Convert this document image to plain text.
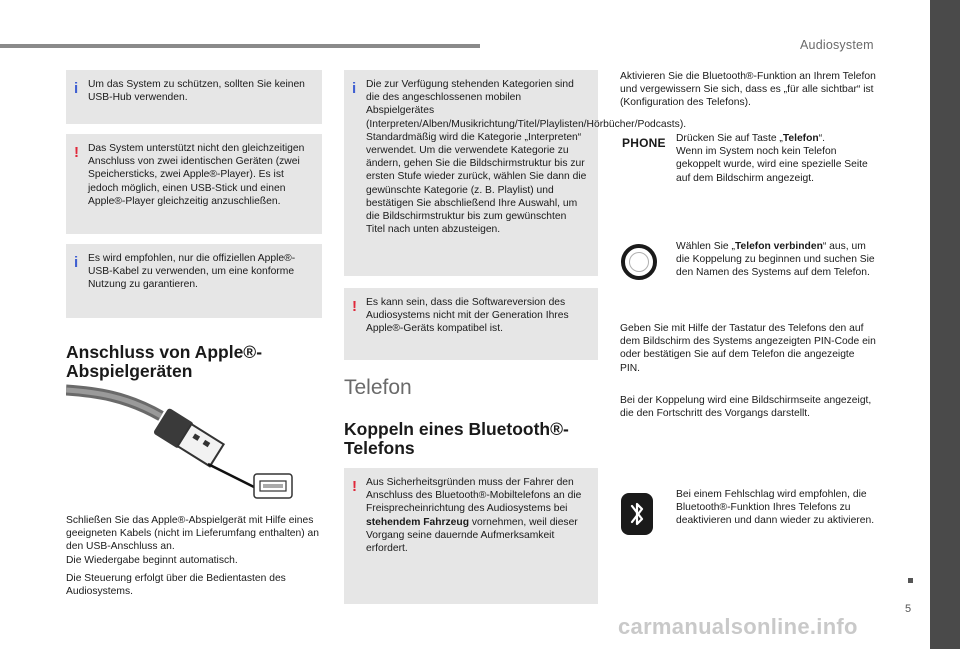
Audiosystem
5
i Um das System zu schützen, sollten Sie keinen USB-Hub verwenden.

! Das System unterstützt nicht den gleichzeitigen Anschluss von zwei identischen Geräten (zwei Speichersticks, zwei Apple®-Player). Es ist jedoch möglich, einen USB-Stick und einen Apple®-Player gleichzeitig anzuschließen.

i Es wird empfohlen, nur die offiziellen Apple®-USB-Kabel zu verwenden, um eine konforme Nutzung zu garantieren.

Anschluss von Apple®-
Abspielgeräten

Schließen Sie das Apple®-Abspielgerät mit Hilfe eines geeigneten Kabels (nicht im Lieferumfang enthalten) an den USB-Anschluss an.
Die Wiedergabe beginnt automatisch.

Die Steuerung erfolgt über die Bedientasten des Audiosystems.

i Die zur Verfügung stehenden Kategorien sind die des angeschlossenen mobilen Abspielgerätes (Interpreten/Alben/Musikrichtung/Titel/Playlisten/Hörbücher/Podcasts).

Standardmäßig wird die Kategorie „Interpreten“ verwendet. Um die verwendete Kategorie zu ändern, gehen Sie die Bildschirmstruktur bis zur ersten Stufe wieder zurück, wählen Sie dann die gewünschte Kategorie (z. B. Playlist) und bestätigen Sie abschließend Ihre Auswahl, um die Bildschirmstruktur bis zum gewünschten Titel nach unten abzusteigen.

! Es kann sein, dass die Softwareversion des Audiosystems nicht mit der Generation Ihres Apple®-Geräts kompatibel ist.

Telefon
Koppeln eines Bluetooth®-
Telefons
! Aus Sicherheitsgründen muss der Fahrer den Anschluss des Bluetooth®-Mobiltelefons an die Freisprecheinrichtung des Audiosystems bei stehendem Fahrzeug vornehmen, weil dieser Vorgang seine dauernde Aufmerksamkeit erfordert.

Aktivieren Sie die Bluetooth®-Funktion an Ihrem Telefon und vergewissern Sie sich, dass es „für alle sichtbar“ ist (Konfiguration des Telefons).
PHONE Drücken Sie auf Taste „Telefon“.
Wenn im System noch kein Telefon gekoppelt wurde, wird eine spezielle Seite auf dem Bildschirm angezeigt.
Wählen Sie „Telefon verbinden“ aus, um die Koppelung zu beginnen und suchen Sie den Namen des Systems auf dem Telefon.
Geben Sie mit Hilfe der Tastatur des Telefons den auf dem Bildschirm des Systems angezeigten PIN-Code ein oder bestätigen Sie auf dem Telefon die angezeigte PIN.
Bei der Koppelung wird eine Bildschirmseite angezeigt, die den Fortschritt des Vorgangs darstellt.
Bei einem Fehlschlag wird empfohlen, die Bluetooth®-Funktion Ihres Telefons zu deaktivieren und dann wieder zu aktivieren.
carmanualsonline.info
